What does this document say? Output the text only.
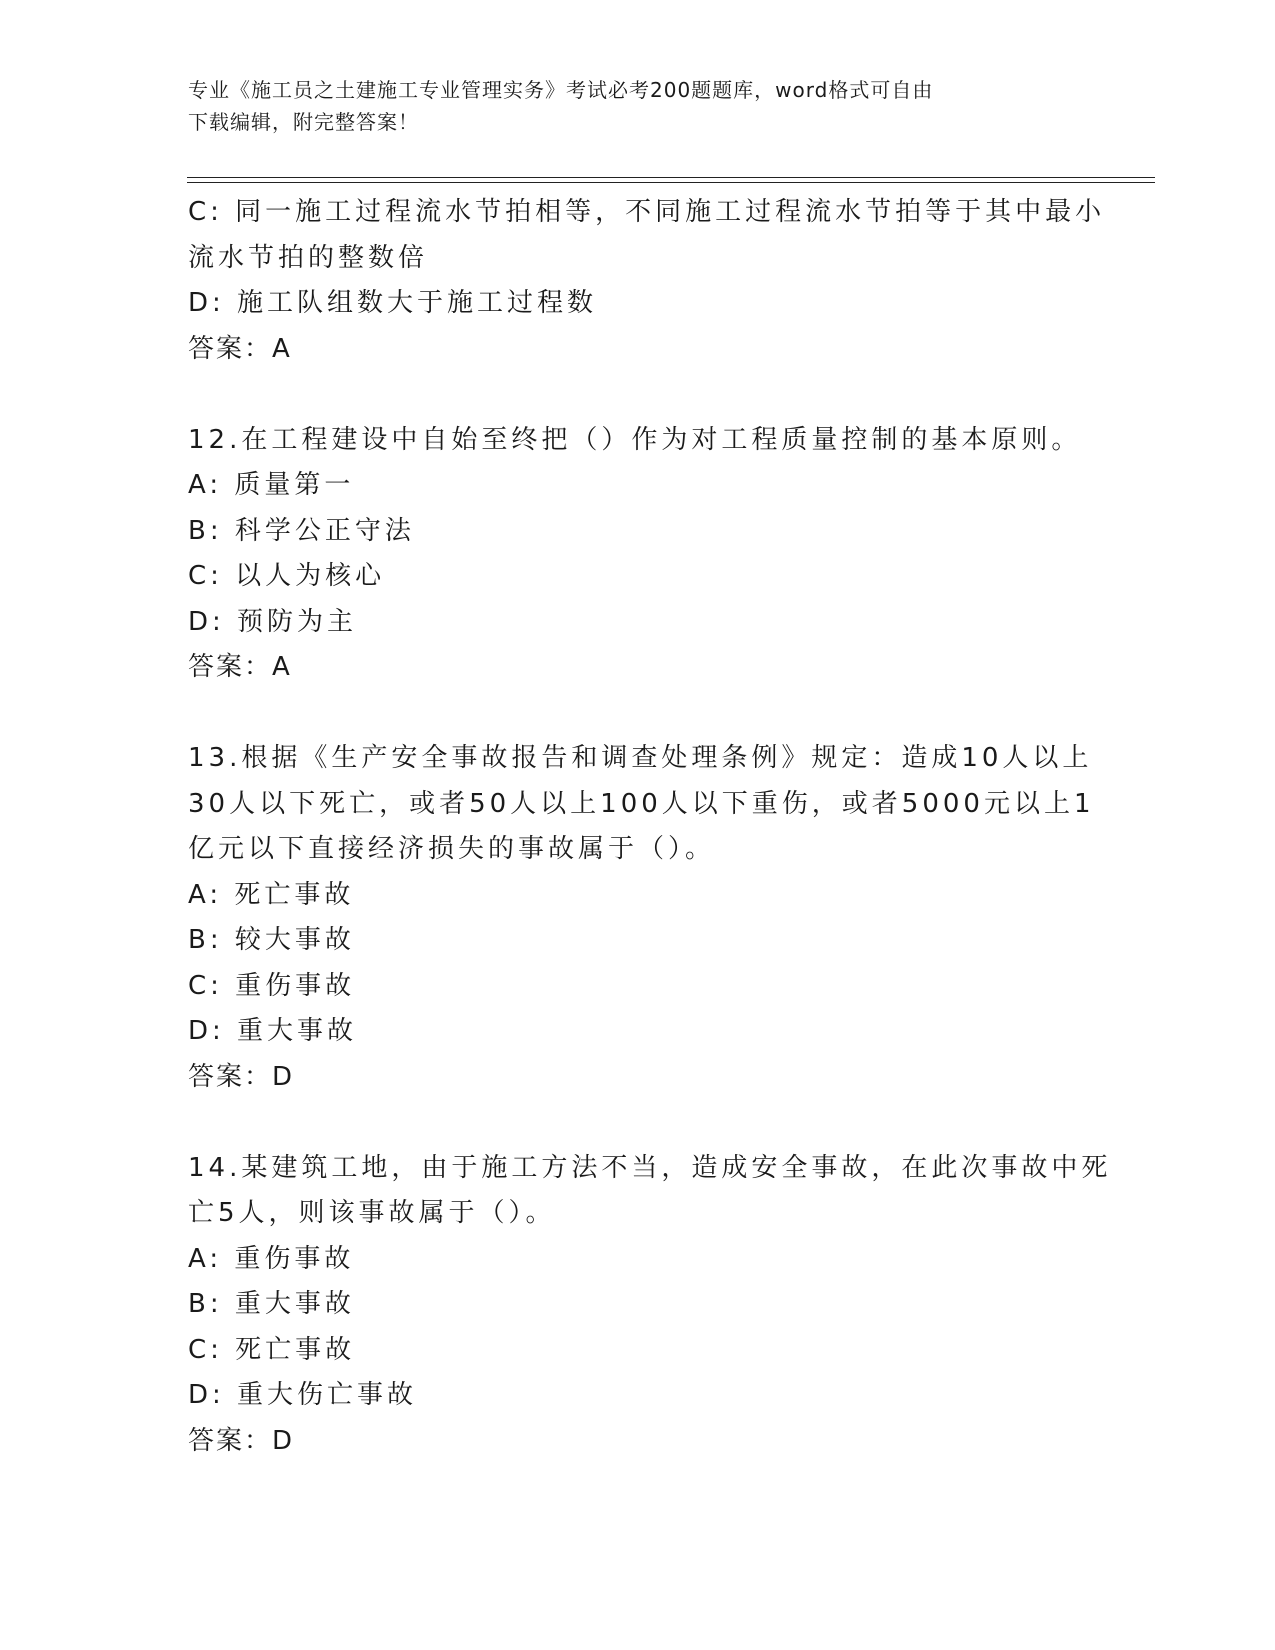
专业《施工员之土建施工专业管理实务》考试必考200题题库，word格式可自由
下载编辑，附完整答案！
C: 同一施工过程流水节拍相等，不同施工过程流水节拍等于其中最小
流水节拍的整数倍
D: 施工队组数大于施工过程数
答案：A
12.在工程建设中自始至终把（）作为对工程质量控制的基本原则。
A: 质量第一
B: 科学公正守法
C: 以人为核心
D: 预防为主
答案：A
13.根据《生产安全事故报告和调查处理条例》规定：造成10人以上
30人以下死亡，或者50人以上100人以下重伤，或者5000元以上1
亿元以下直接经济损失的事故属于（）。
A: 死亡事故
B: 较大事故
C: 重伤事故
D: 重大事故
答案：D
14.某建筑工地，由于施工方法不当，造成安全事故，在此次事故中死
亡5人，则该事故属于（）。
A: 重伤事故
B: 重大事故
C: 死亡事故
D: 重大伤亡事故
答案：D
